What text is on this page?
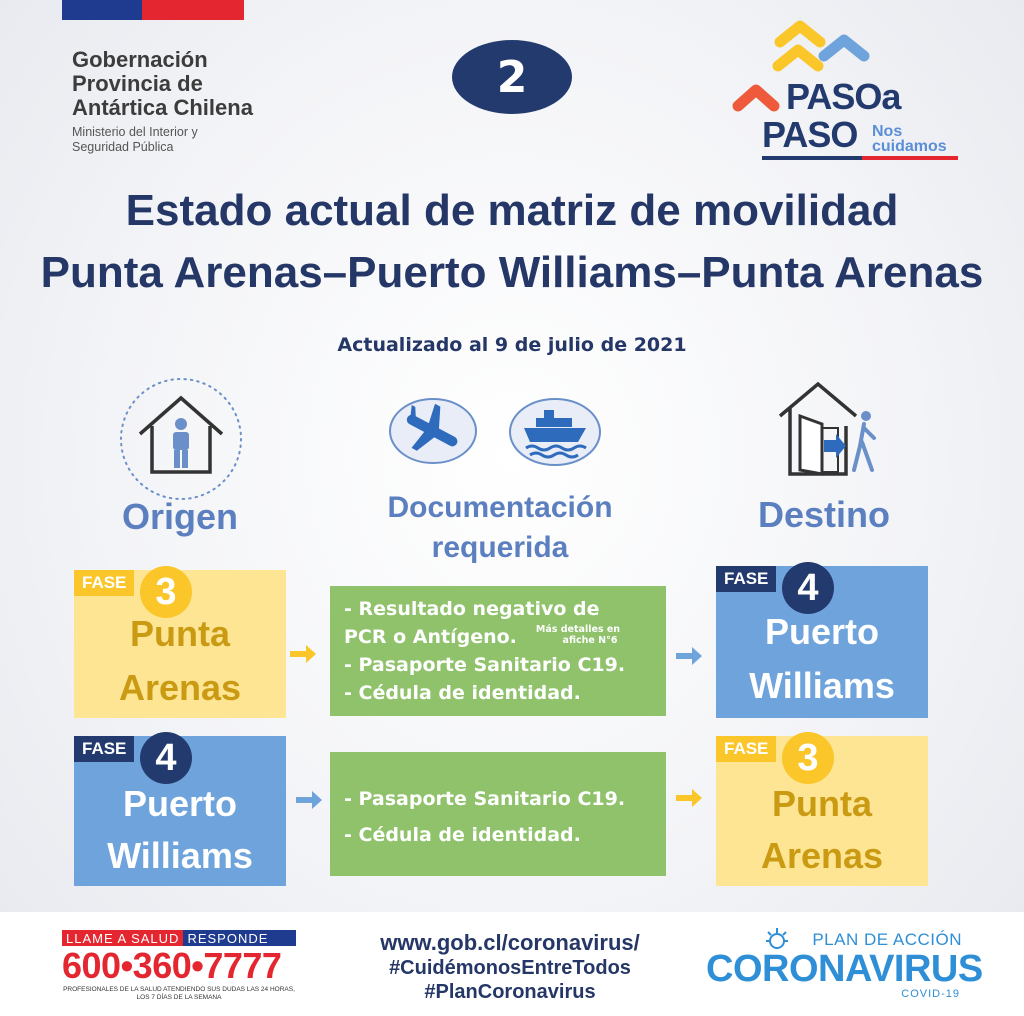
Gobernación
Provincia de
Antártica Chilena
Ministerio del Interior y
Seguridad Pública
2	PASOa
PASO Nos
cuidamos
Estado actual de matriz de movilidad
Punta Arenas–Puerto Williams–Punta Arenas
Actualizado al 9 de julio de 2021
Origen	Documentación
requerida
Destino
FASE 3
Punta
Arenas
- Resultado negativo de
PCR o Antígeno.	Más detalles en
afiche N°6
- Pasaporte Sanitario C19.
- Cédula de identidad.
FASE 4
Puerto
Williams
FASE 4
Puerto
Williams
- Pasaporte Sanitario C19.
- Cédula de identidad.
FASE 3
Punta
Arenas
LLAME A SALUD RESPONDE
600•360•7777
PROFESIONALES DE LA SALUD ATENDIENDO SUS DUDAS LAS 24 HORAS,
LOS 7 DÍAS DE LA SEMANA
www.gob.cl/coronavirus/
#CuidémonosEntreTodos
#PlanCoronavirus
PLAN DE ACCIÓN
CORONAVIRUS
COVID-19
